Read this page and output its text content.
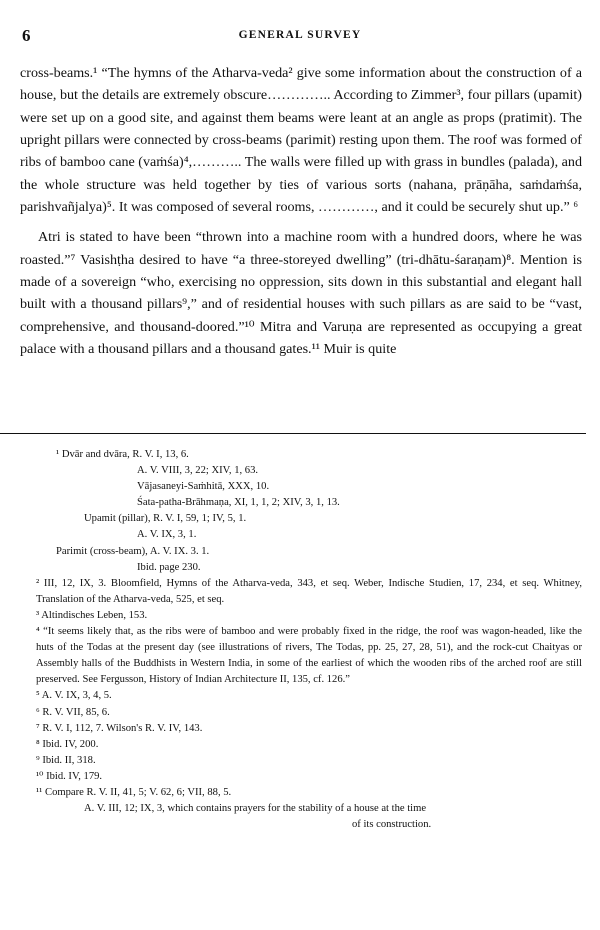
6	GENERAL SURVEY

cross-beams.¹ “The hymns of the Atharva-veda² give some information about the construction of a house, but the details are extremely obscure………….. According to Zimmer³, four pillars (upamit) were set up on a good site, and against them beams were leant at an angle as props (pratimit). The upright pillars were connected by cross-beams (parimit) resting upon them. The roof was formed of ribs of bamboo cane (vaṁśa)⁴,……….. The walls were filled up with grass in bundles (palada), and the whole structure was held together by ties of various sorts (nahana, prāṇāha, saṁdaṁśa, parishvañjalya)⁵. It was composed of several rooms, …………, and it could be securely shut up.” ⁶

Atri is stated to have been “thrown into a machine room with a hundred doors, where he was roasted.”⁷ Vasishṭha desired to have “a three-storeyed dwelling” (tri-dhātu-śaraṇam)⁸. Mention is made of a sovereign “who, exercising no oppression, sits down in this substantial and elegant hall built with a thousand pillars⁹,” and of residential houses with such pillars as are said to be “vast, comprehensive, and thousand-doored.”¹⁰ Mitra and Varuṇa are represented as occupying a great palace with a thousand pillars and a thousand gates.¹¹ Muir is quite

¹ Dvār and dvāra, R. V. I, 13, 6.
A. V. VIII, 3, 22; XIV, 1, 63.
Vājasaneyi-Saṁhitā, XXX, 10.
Śata-patha-Brāhmaṇa, XI, 1, 1, 2; XIV, 3, 1, 13.
Upamit (pillar), R. V. I, 59, 1; IV, 5, 1.
A. V. IX, 3, 1.
Parimit (cross-beam), A. V. IX. 3. 1.
Ibid. page 230.
² III, 12, IX, 3. Bloomfield, Hymns of the Atharva-veda, 343, et seq. Weber, Indische Studien, 17, 234, et seq. Whitney, Translation of the Atharva-veda, 525, et seq.
³ Altindisches Leben, 153.
⁴ “It seems likely that, as the ribs were of bamboo and were probably fixed in the ridge, the roof was wagon-headed, like the huts of the Todas at the present day (see illustrations of rivers, The Todas, pp. 25, 27, 28, 51), and the rock-cut Chaityas or Assembly halls of the Buddhists in Western India, in some of the earliest of which the wooden ribs of the arched roof are still preserved. See Fergusson, History of Indian Architecture II, 135, cf. 126.”
⁵ A. V. IX, 3, 4, 5.
⁶ R. V. VII, 85, 6.
⁷ R. V. I, 112, 7. Wilson's R. V. IV, 143.
⁸ Ibid. IV, 200.
⁹ Ibid. II, 318.
¹⁰ Ibid. IV, 179.
¹¹ Compare R. V. II, 41, 5; V. 62, 6; VII, 88, 5.
A. V. III, 12; IX, 3, which contains prayers for the stability of a house at the time
of its construction.
